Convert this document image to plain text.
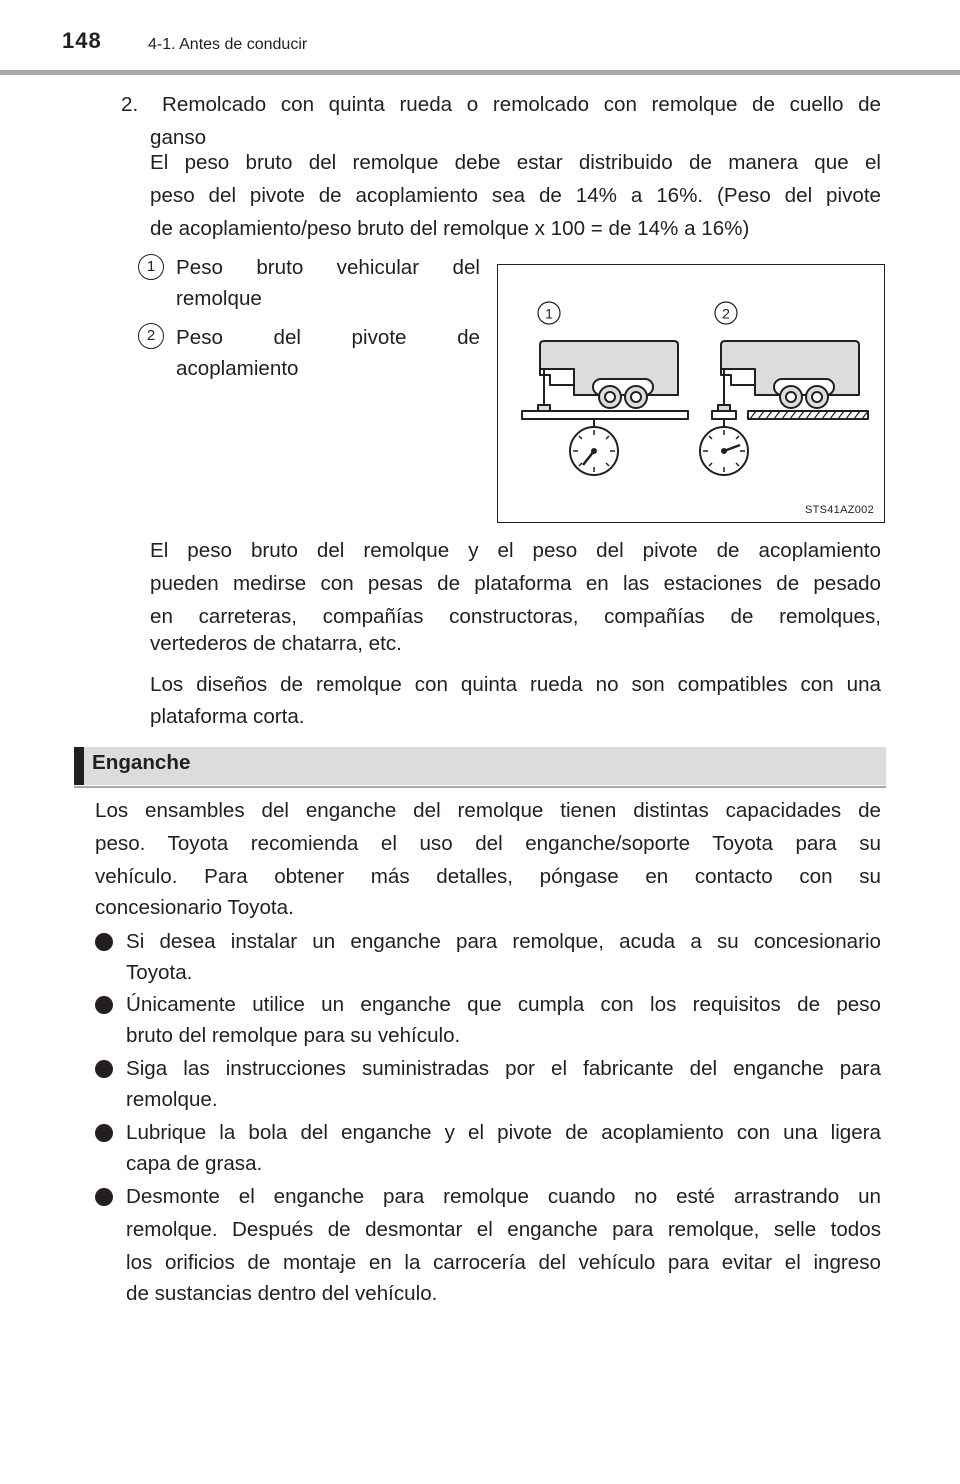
148	4-1. Antes de conducir
2. Remolcado con quinta rueda o remolcado con remolque de cuello de
ganso
El peso bruto del remolque debe estar distribuido de manera que el
peso del pivote de acoplamiento sea de 14% a 16%. (Peso del pivote
de acoplamiento/peso bruto del remolque x 100 = de 14% a 16%)
1	Peso bruto vehicular del
remolque
2	Peso del pivote de
acoplamiento
1	2
STS41AZ002
El peso bruto del remolque y el peso del pivote de acoplamiento
pueden medirse con pesas de plataforma en las estaciones de pesado
en carreteras, compañías constructoras, compañías de remolques,
vertederos de chatarra, etc.
Los diseños de remolque con quinta rueda no son compatibles con una
plataforma corta.
Enganche
Los ensambles del enganche del remolque tienen distintas capacidades de
peso. Toyota recomienda el uso del enganche/soporte Toyota para su
vehículo. Para obtener más detalles, póngase en contacto con su
concesionario Toyota.
Si desea instalar un enganche para remolque, acuda a su concesionario
Toyota.
Únicamente utilice un enganche que cumpla con los requisitos de peso
bruto del remolque para su vehículo.
Siga las instrucciones suministradas por el fabricante del enganche para
remolque.
Lubrique la bola del enganche y el pivote de acoplamiento con una ligera
capa de grasa.
Desmonte el enganche para remolque cuando no esté arrastrando un
remolque. Después de desmontar el enganche para remolque, selle todos
los orificios de montaje en la carrocería del vehículo para evitar el ingreso
de sustancias dentro del vehículo.
